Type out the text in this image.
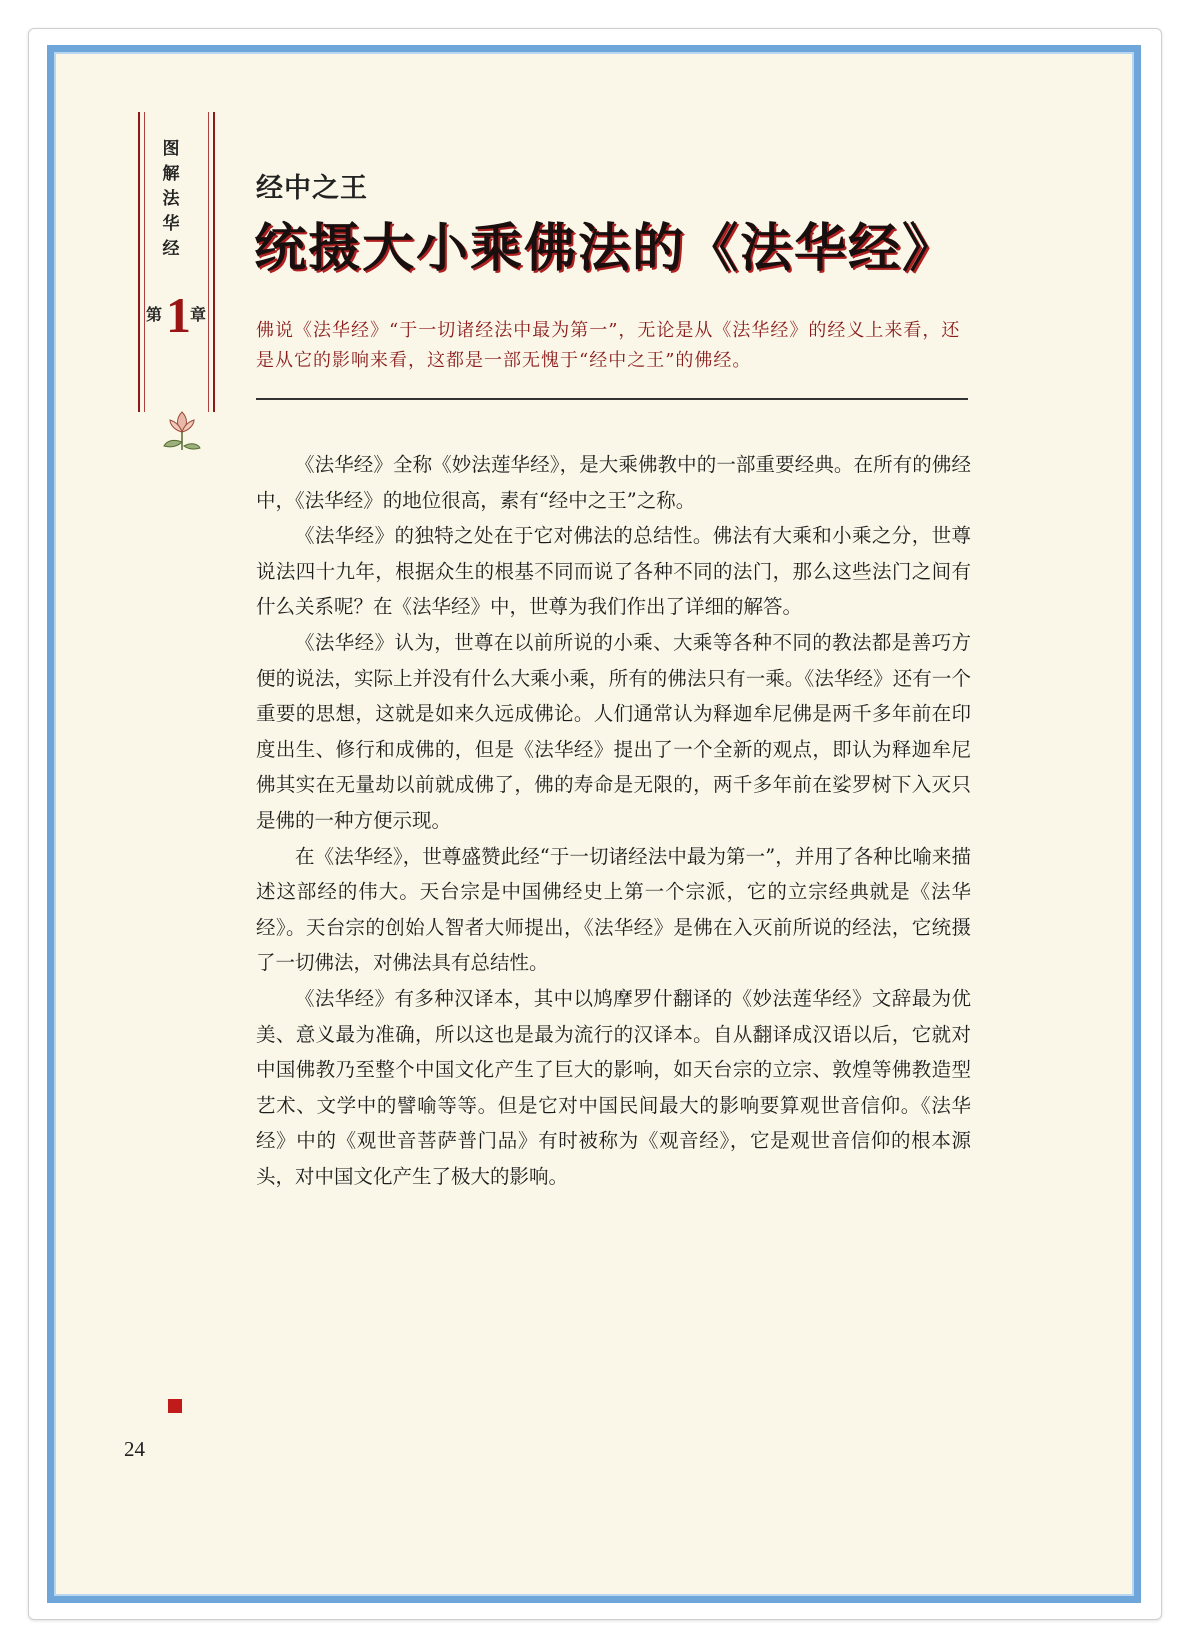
图
解
法
华
经
第 1 章
经中之王
统摄大小乘佛法的《法华经》
佛说《法华经》“于一切诸经法中最为第一”，无论是从《法华经》的经义上来看，还是从它的影响来看，这都是一部无愧于“经中之王”的佛经。

《法华经》全称《妙法莲华经》，是大乘佛教中的一部重要经典。在所有的佛经中，《法华经》的地位很高，素有“经中之王”之称。

《法华经》的独特之处在于它对佛法的总结性。佛法有大乘和小乘之分，世尊说法四十九年，根据众生的根基不同而说了各种不同的法门，那么这些法门之间有什么关系呢？在《法华经》中，世尊为我们作出了详细的解答。

《法华经》认为，世尊在以前所说的小乘、大乘等各种不同的教法都是善巧方便的说法，实际上并没有什么大乘小乘，所有的佛法只有一乘。《法华经》还有一个重要的思想，这就是如来久远成佛论。人们通常认为释迦牟尼佛是两千多年前在印度出生、修行和成佛的，但是《法华经》提出了一个全新的观点，即认为释迦牟尼佛其实在无量劫以前就成佛了，佛的寿命是无限的，两千多年前在娑罗树下入灭只是佛的一种方便示现。

在《法华经》，世尊盛赞此经“于一切诸经法中最为第一”，并用了各种比喻来描述这部经的伟大。天台宗是中国佛经史上第一个宗派，它的立宗经典就是《法华经》。天台宗的创始人智者大师提出，《法华经》是佛在入灭前所说的经法，它统摄了一切佛法，对佛法具有总结性。

《法华经》有多种汉译本，其中以鸠摩罗什翻译的《妙法莲华经》文辞最为优美、意义最为准确，所以这也是最为流行的汉译本。自从翻译成汉语以后，它就对中国佛教乃至整个中国文化产生了巨大的影响，如天台宗的立宗、敦煌等佛教造型艺术、文学中的譬喻等等。但是它对中国民间最大的影响要算观世音信仰。《法华经》中的《观世音菩萨普门品》有时被称为《观音经》，它是观世音信仰的根本源头，对中国文化产生了极大的影响。

24
